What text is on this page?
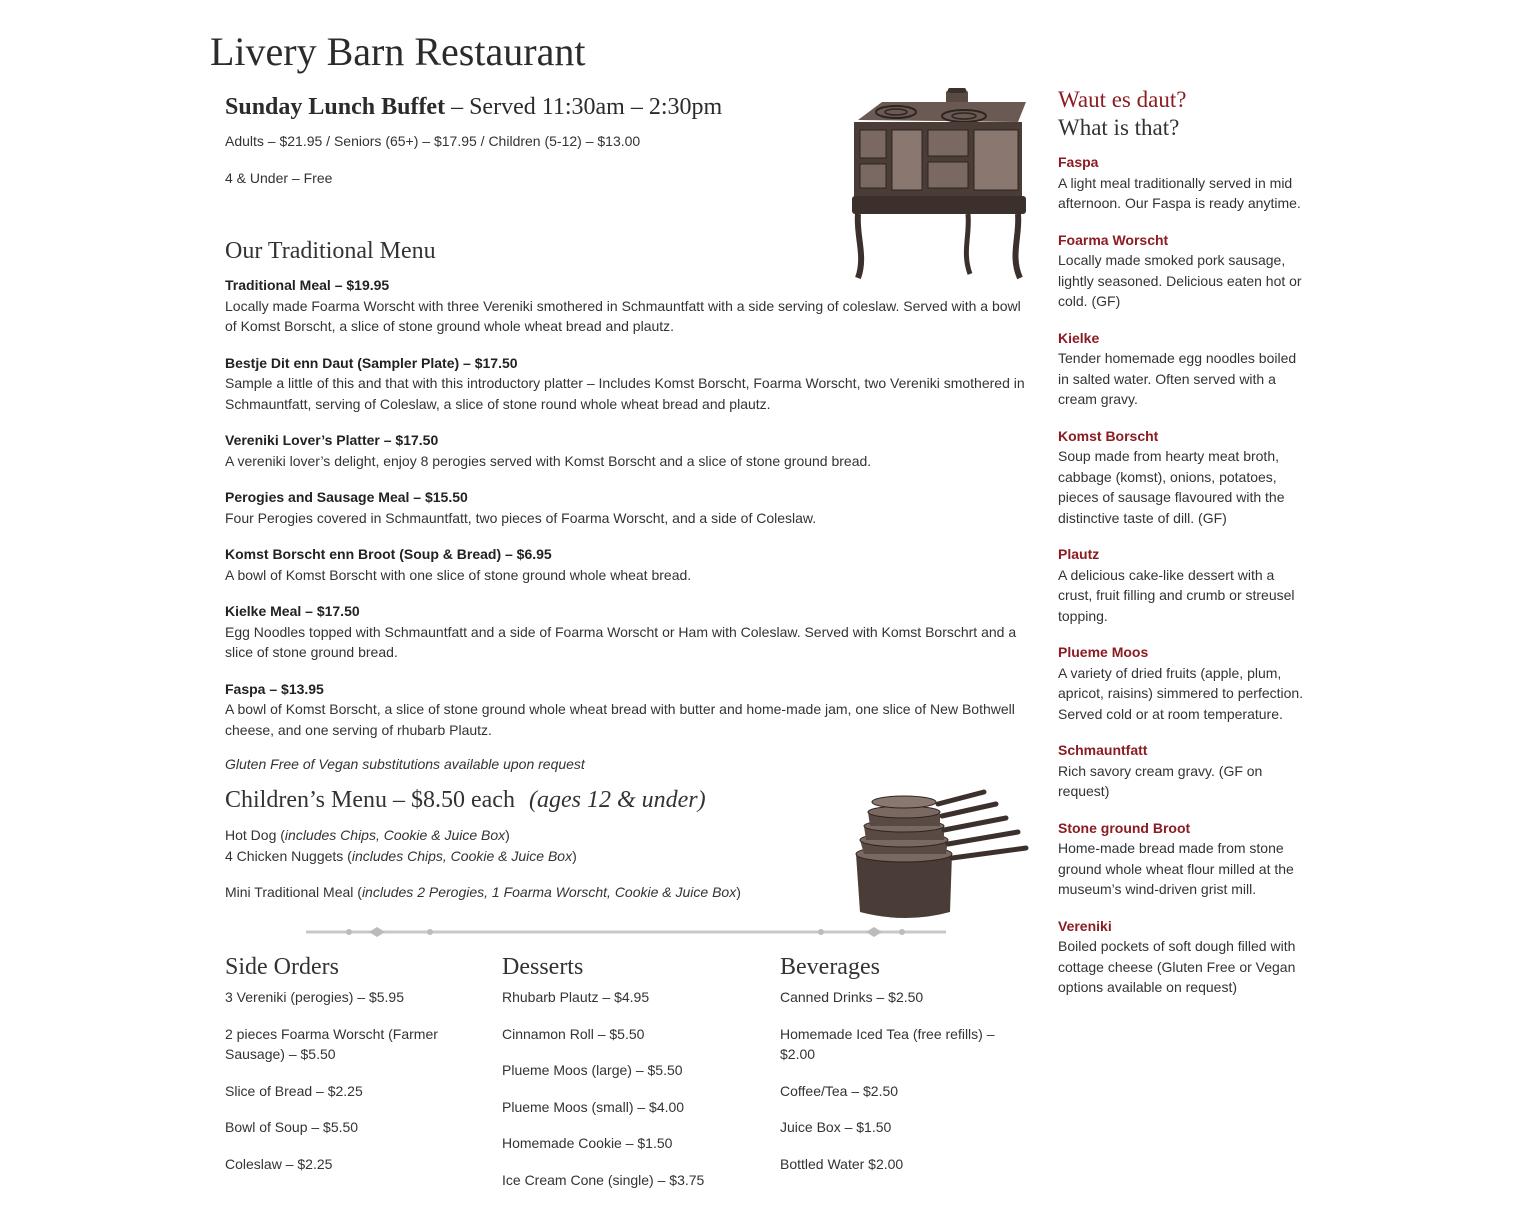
Livery Barn Restaurant
Sunday Lunch Buffet – Served 11:30am – 2:30pm
Adults – $21.95 / Seniors (65+) – $17.95 / Children (5-12) – $13.00
4 & Under – Free
Our Traditional Menu
Traditional Meal – $19.95
Locally made Foarma Worscht with three Vereniki smothered in Schmauntfatt with a side serving of coleslaw. Served with a bowl of Komst Borscht, a slice of stone ground whole wheat bread and plautz.
Bestje Dit enn Daut (Sampler Plate) – $17.50
Sample a little of this and that with this introductory platter – Includes Komst Borscht, Foarma Worscht, two Vereniki smothered in Schmauntfatt, serving of Coleslaw, a slice of stone round whole wheat bread and plautz.
Vereniki Lover’s Platter – $17.50
A vereniki lover’s delight, enjoy 8 perogies served with Komst Borscht and a slice of stone ground bread.
Perogies and Sausage Meal – $15.50
Four Perogies covered in Schmauntfatt, two pieces of Foarma Worscht, and a side of Coleslaw.
Komst Borscht enn Broot (Soup & Bread) – $6.95
A bowl of Komst Borscht with one slice of stone ground whole wheat bread.
Kielke Meal – $17.50
Egg Noodles topped with Schmauntfatt and a side of Foarma Worscht or Ham with Coleslaw. Served with Komst Borschrt and a slice of stone ground bread.
Faspa – $13.95
A bowl of Komst Borscht, a slice of stone ground whole wheat bread with butter and home-made jam, one slice of New Bothwell cheese, and one serving of rhubarb Plautz.
Gluten Free of Vegan substitutions available upon request
Children’s Menu – $8.50 each (ages 12 & under)
Hot Dog (includes Chips, Cookie & Juice Box)
4 Chicken Nuggets (includes Chips, Cookie & Juice Box)
Mini Traditional Meal (includes 2 Perogies, 1 Foarma Worscht, Cookie & Juice Box)
Side Orders
3 Vereniki (perogies) – $5.95
2 pieces Foarma Worscht (Farmer Sausage) – $5.50
Slice of Bread – $2.25
Bowl of Soup – $5.50
Coleslaw – $2.25
Desserts
Rhubarb Plautz – $4.95
Cinnamon Roll – $5.50
Plueme Moos (large) – $5.50
Plueme Moos (small) – $4.00
Homemade Cookie – $1.50
Ice Cream Cone (single) – $3.75
Beverages
Canned Drinks – $2.50
Homemade Iced Tea (free refills) – $2.00
Coffee/Tea – $2.50
Juice Box – $1.50
Bottled Water $2.00
Waut es daut?
What is that?
Faspa
A light meal traditionally served in mid afternoon. Our Faspa is ready anytime.
Foarma Worscht
Locally made smoked pork sausage, lightly seasoned. Delicious eaten hot or cold. (GF)
Kielke
Tender homemade egg noodles boiled in salted water. Often served with a cream gravy.
Komst Borscht
Soup made from hearty meat broth, cabbage (komst), onions, potatoes, pieces of sausage flavoured with the distinctive taste of dill. (GF)
Plautz
A delicious cake-like dessert with a crust, fruit filling and crumb or streusel topping.
Plueme Moos
A variety of dried fruits (apple, plum, apricot, raisins) simmered to perfection. Served cold or at room temperature.
Schmauntfatt
Rich savory cream gravy. (GF on request)
Stone ground Broot
Home-made bread made from stone ground whole wheat flour milled at the museum’s wind-driven grist mill.
Vereniki
Boiled pockets of soft dough filled with cottage cheese (Gluten Free or Vegan options available on request)
